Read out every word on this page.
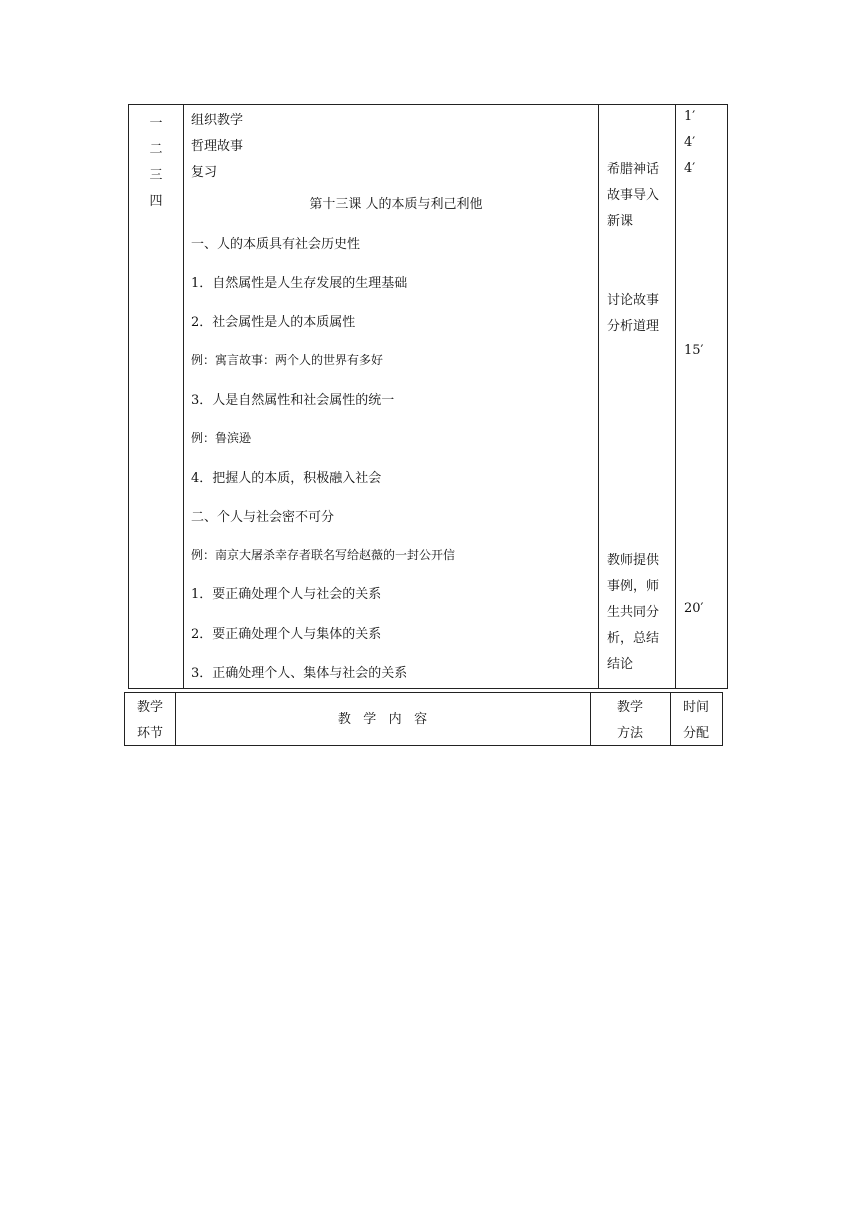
一
二
三
四
组织教学
哲理故事
复习
第十三课 人的本质与利己利他
一、人的本质具有社会历史性
1．自然属性是人生存发展的生理基础
2．社会属性是人的本质属性
例：寓言故事：两个人的世界有多好
3．人是自然属性和社会属性的统一
例：鲁滨逊
4．把握人的本质，积极融入社会
二、个人与社会密不可分
例：南京大屠杀幸存者联名写给赵薇的一封公开信
1．要正确处理个人与社会的关系
2．要正确处理个人与集体的关系
3．正确处理个人、集体与社会的关系
希腊神话
故事导入
新课
讨论故事
分析道理
教师提供
事例，师
生共同分
析，总结
结论
1′
4′
4′
15′
20′
教学
环节
教   学   内   容
教学
方法
时间
分配
